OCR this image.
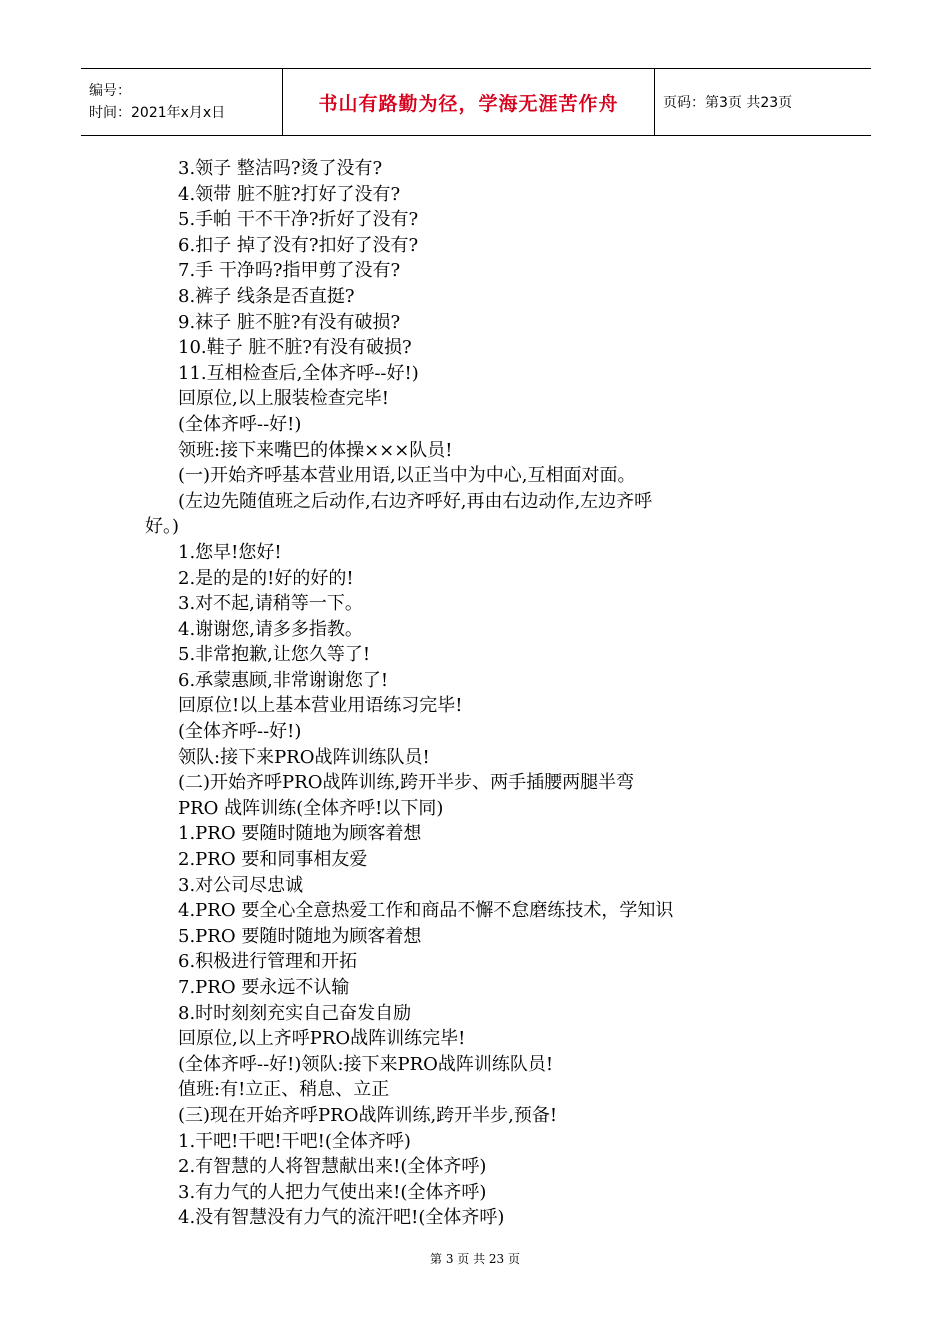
编号：
时间：2021年x月x日	书山有路勤为径，学海无涯苦作舟	页码：第3页 共23页
3.领子 整洁吗?烫了没有?
4.领带 脏不脏?打好了没有?
5.手帕 干不干净?折好了没有?
6.扣子 掉了没有?扣好了没有?
7.手 干净吗?指甲剪了没有?
8.裤子 线条是否直挺?
9.袜子 脏不脏?有没有破损?
10.鞋子 脏不脏?有没有破损?
11.互相检查后,全体齐呼--好!)
回原位,以上服装检查完毕!
(全体齐呼--好!)
领班:接下来嘴巴的体操×××队员!
(一)开始齐呼基本营业用语,以正当中为中心,互相面对面。
(左边先随值班之后动作,右边齐呼好,再由右边动作,左边齐呼
好。)
1.您早!您好!
2.是的是的!好的好的!
3.对不起,请稍等一下。
4.谢谢您,请多多指教。
5.非常抱歉,让您久等了!
6.承蒙惠顾,非常谢谢您了!
回原位!以上基本营业用语练习完毕!
(全体齐呼--好!)
领队:接下来PRO战阵训练队员!
(二)开始齐呼PRO战阵训练,跨开半步、两手插腰两腿半弯
PRO 战阵训练(全体齐呼!以下同)
1.PRO 要随时随地为顾客着想
2.PRO 要和同事相友爱
3.对公司尽忠诚
4.PRO 要全心全意热爱工作和商品不懈不怠磨练技术，学知识
5.PRO 要随时随地为顾客着想
6.积极进行管理和开拓
7.PRO 要永远不认输
8.时时刻刻充实自己奋发自励
回原位,以上齐呼PRO战阵训练完毕!
(全体齐呼--好!)领队:接下来PRO战阵训练队员!
值班:有!立正、稍息、立正
(三)现在开始齐呼PRO战阵训练,跨开半步,预备!
1.干吧!干吧!干吧!(全体齐呼)
2.有智慧的人将智慧献出来!(全体齐呼)
3.有力气的人把力气使出来!(全体齐呼)
4.没有智慧没有力气的流汗吧!(全体齐呼)
第 3 页 共 23 页
